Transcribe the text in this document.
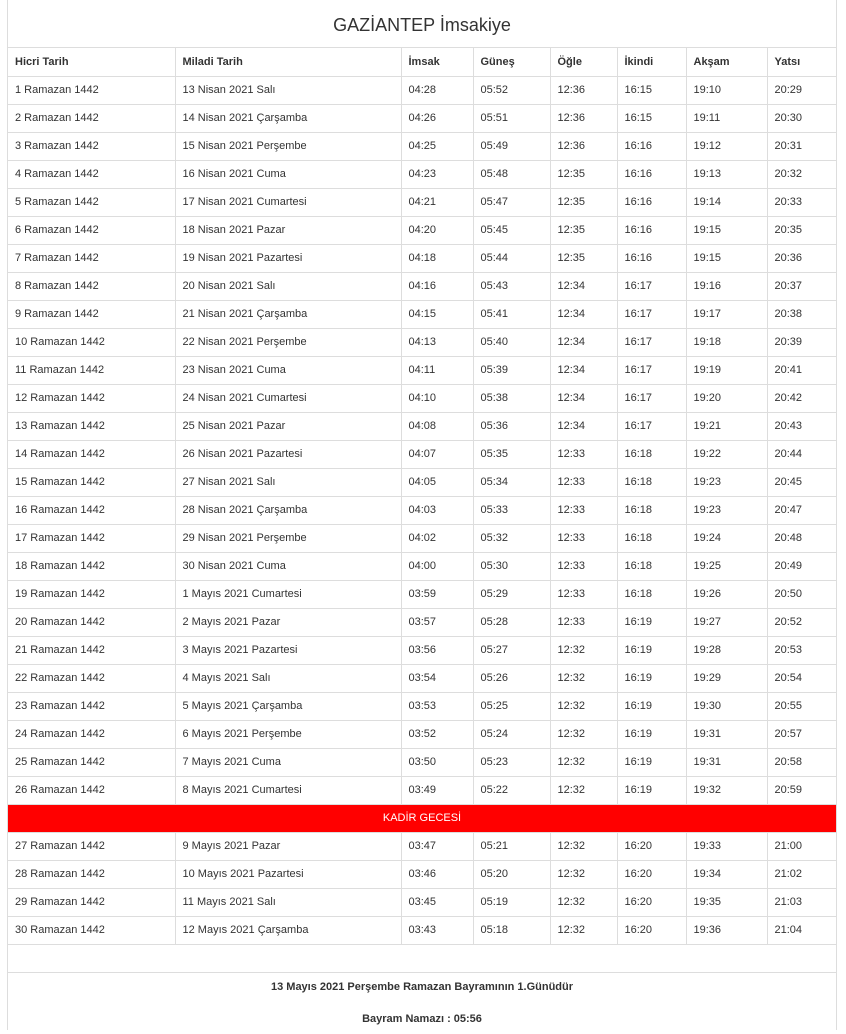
GAZİANTEP İmsakiye
Hicri Tarih	Miladi Tarih	İmsak	Güneş	Öğle	İkindi	Akşam	Yatsı
1 Ramazan 1442	13 Nisan 2021 Salı	04:28	05:52	12:36	16:15	19:10	20:29
2 Ramazan 1442	14 Nisan 2021 Çarşamba	04:26	05:51	12:36	16:15	19:11	20:30
3 Ramazan 1442	15 Nisan 2021 Perşembe	04:25	05:49	12:36	16:16	19:12	20:31
4 Ramazan 1442	16 Nisan 2021 Cuma	04:23	05:48	12:35	16:16	19:13	20:32
5 Ramazan 1442	17 Nisan 2021 Cumartesi	04:21	05:47	12:35	16:16	19:14	20:33
6 Ramazan 1442	18 Nisan 2021 Pazar	04:20	05:45	12:35	16:16	19:15	20:35
7 Ramazan 1442	19 Nisan 2021 Pazartesi	04:18	05:44	12:35	16:16	19:15	20:36
8 Ramazan 1442	20 Nisan 2021 Salı	04:16	05:43	12:34	16:17	19:16	20:37
9 Ramazan 1442	21 Nisan 2021 Çarşamba	04:15	05:41	12:34	16:17	19:17	20:38
10 Ramazan 1442	22 Nisan 2021 Perşembe	04:13	05:40	12:34	16:17	19:18	20:39
11 Ramazan 1442	23 Nisan 2021 Cuma	04:11	05:39	12:34	16:17	19:19	20:41
12 Ramazan 1442	24 Nisan 2021 Cumartesi	04:10	05:38	12:34	16:17	19:20	20:42
13 Ramazan 1442	25 Nisan 2021 Pazar	04:08	05:36	12:34	16:17	19:21	20:43
14 Ramazan 1442	26 Nisan 2021 Pazartesi	04:07	05:35	12:33	16:18	19:22	20:44
15 Ramazan 1442	27 Nisan 2021 Salı	04:05	05:34	12:33	16:18	19:23	20:45
16 Ramazan 1442	28 Nisan 2021 Çarşamba	04:03	05:33	12:33	16:18	19:23	20:47
17 Ramazan 1442	29 Nisan 2021 Perşembe	04:02	05:32	12:33	16:18	19:24	20:48
18 Ramazan 1442	30 Nisan 2021 Cuma	04:00	05:30	12:33	16:18	19:25	20:49
19 Ramazan 1442	1 Mayıs 2021 Cumartesi	03:59	05:29	12:33	16:18	19:26	20:50
20 Ramazan 1442	2 Mayıs 2021 Pazar	03:57	05:28	12:33	16:19	19:27	20:52
21 Ramazan 1442	3 Mayıs 2021 Pazartesi	03:56	05:27	12:32	16:19	19:28	20:53
22 Ramazan 1442	4 Mayıs 2021 Salı	03:54	05:26	12:32	16:19	19:29	20:54
23 Ramazan 1442	5 Mayıs 2021 Çarşamba	03:53	05:25	12:32	16:19	19:30	20:55
24 Ramazan 1442	6 Mayıs 2021 Perşembe	03:52	05:24	12:32	16:19	19:31	20:57
25 Ramazan 1442	7 Mayıs 2021 Cuma	03:50	05:23	12:32	16:19	19:31	20:58
26 Ramazan 1442	8 Mayıs 2021 Cumartesi	03:49	05:22	12:32	16:19	19:32	20:59
KADİR GECESİ							
27 Ramazan 1442	9 Mayıs 2021 Pazar	03:47	05:21	12:32	16:20	19:33	21:00
28 Ramazan 1442	10 Mayıs 2021 Pazartesi	03:46	05:20	12:32	16:20	19:34	21:02
29 Ramazan 1442	11 Mayıs 2021 Salı	03:45	05:19	12:32	16:20	19:35	21:03
30 Ramazan 1442	12 Mayıs 2021 Çarşamba	03:43	05:18	12:32	16:20	19:36	21:04
13 Mayıs 2021 Perşembe Ramazan Bayramının 1.Günüdür
Bayram Namazı : 05:56
